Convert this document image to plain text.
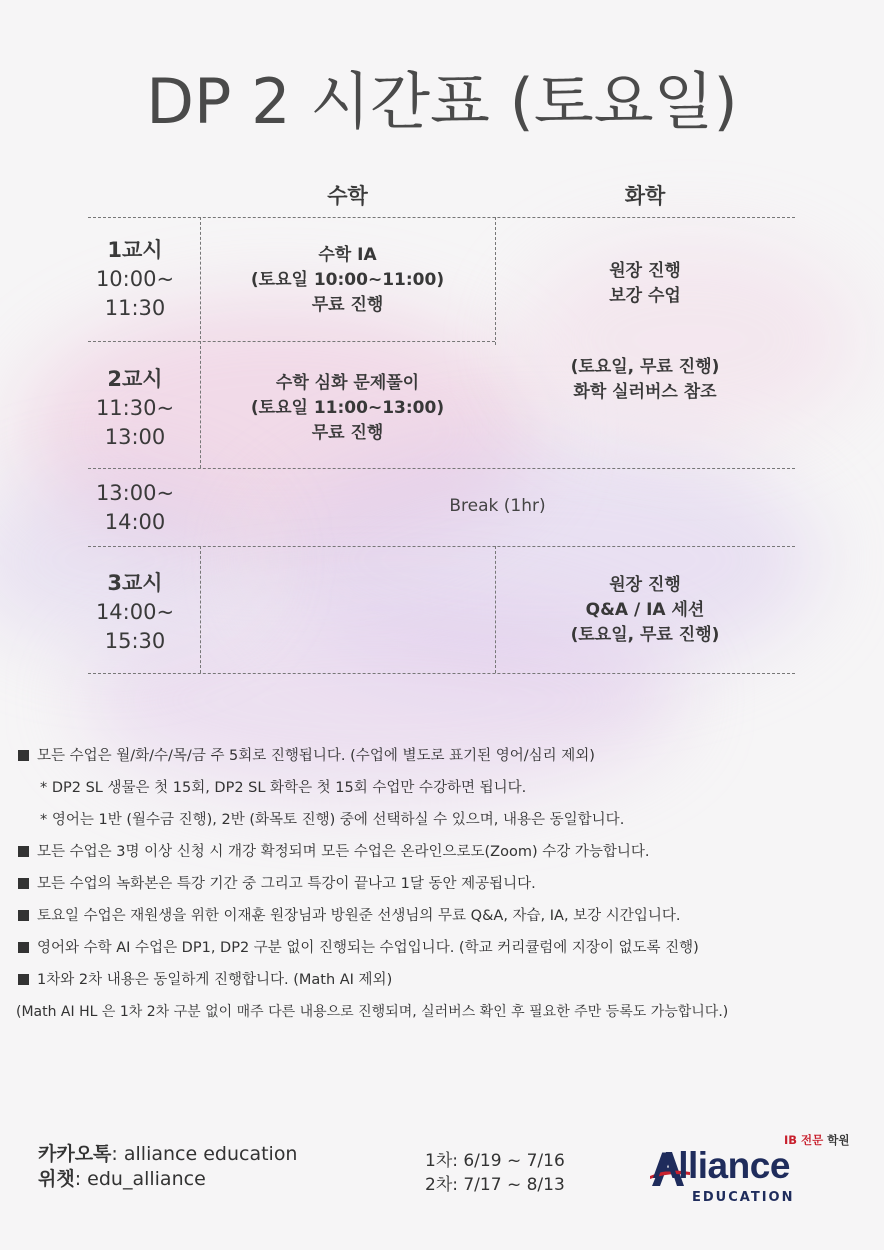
DP 2 시간표 (토요일)
수학	화학
1교시
10:00~
11:30
2교시
11:30~
13:00
13:00~
14:00
3교시
14:00~
15:30
수학 IA
(토요일 10:00~11:00)
무료 진행
수학 심화 문제풀이
(토요일 11:00~13:00)
무료 진행
원장 진행
보강 수업
(토요일, 무료 진행)
화학 실러버스 참조
Break (1hr)
원장 진행
Q&A / IA 세션
(토요일, 무료 진행)
모든 수업은 월/화/수/목/금 주 5회로 진행됩니다. (수업에 별도로 표기된 영어/심리 제외)
* DP2 SL 생물은 첫 15회, DP2 SL 화학은 첫 15회 수업만 수강하면 됩니다.
* 영어는 1반 (월수금 진행), 2반 (화목토 진행) 중에 선택하실 수 있으며, 내용은 동일합니다.
모든 수업은 3명 이상 신청 시 개강 확정되며 모든 수업은 온라인으로도(Zoom) 수강 가능합니다.
모든 수업의 녹화본은 특강 기간 중 그리고 특강이 끝나고 1달 동안 제공됩니다.
토요일 수업은 재원생을 위한 이재훈 원장님과 방원준 선생님의 무료 Q&A, 자습, IA, 보강 시간입니다.
영어와 수학 AI 수업은 DP1, DP2 구분 없이 진행되는 수업입니다. (학교 커리큘럼에 지장이 없도록 진행)
1차와 2차 내용은 동일하게 진행합니다. (Math AI 제외)
(Math AI HL 은 1차 2차 구분 없이 매주 다른 내용으로 진행되며, 실러버스 확인 후 필요한 주만 등록도 가능합니다.)
카카오톡: alliance education
위챗: edu_alliance
1차: 6/19 ~ 7/16
2차: 7/17 ~ 8/13
IB 전문 학원
Alliance
EDUCATION
